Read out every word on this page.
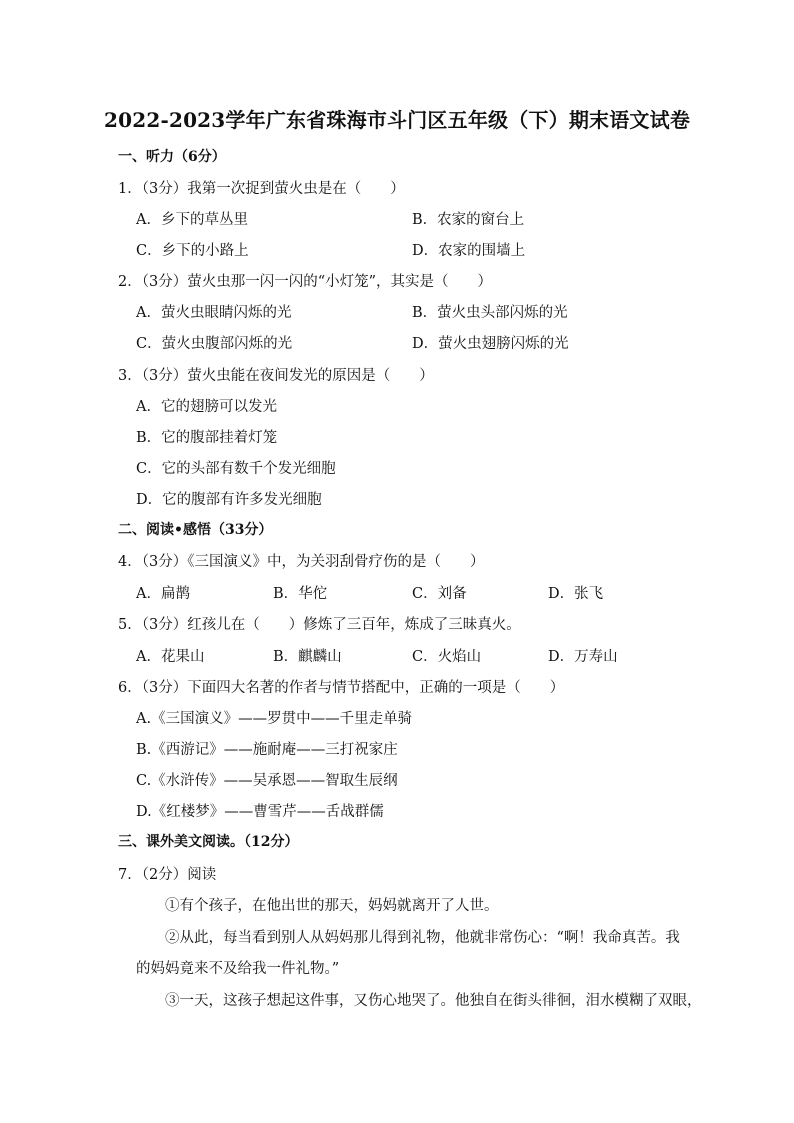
2022-2023学年广东省珠海市斗门区五年级（下）期末语文试卷
一、听力（6分）
1．（3分）我第一次捉到萤火虫是在（　　）
A．乡下的草丛里	B．农家的窗台上
C．乡下的小路上	D．农家的围墙上
2．（3分）萤火虫那一闪一闪的“小灯笼”，其实是（　　）
A．萤火虫眼睛闪烁的光	B．萤火虫头部闪烁的光
C．萤火虫腹部闪烁的光	D．萤火虫翅膀闪烁的光
3．（3分）萤火虫能在夜间发光的原因是（　　）
A．它的翅膀可以发光
B．它的腹部挂着灯笼
C．它的头部有数千个发光细胞
D．它的腹部有许多发光细胞
二、阅读•感悟（33分）
4．（3分）《三国演义》中，为关羽刮骨疗伤的是（　　）
A．扁鹊	B．华佗	C．刘备	D．张飞
5．（3分）红孩儿在（　　）修炼了三百年，炼成了三昧真火。
A．花果山	B．麒麟山	C．火焰山	D．万寿山
6．（3分）下面四大名著的作者与情节搭配中，正确的一项是（　　）
A.《三国演义》——罗贯中——千里走单骑
B.《西游记》——施耐庵——三打祝家庄
C.《水浒传》——吴承恩——智取生辰纲
D.《红楼梦》——曹雪芹——舌战群儒
三、课外美文阅读。（12分）
7．（2分）阅读
①有个孩子，在他出世的那天，妈妈就离开了人世。
②从此，每当看到别人从妈妈那儿得到礼物，他就非常伤心：“啊！我命真苦。我
的妈妈竟来不及给我一件礼物。”
③一天，这孩子想起这件事，又伤心地哭了。他独自在街头徘徊，泪水模糊了双眼，
